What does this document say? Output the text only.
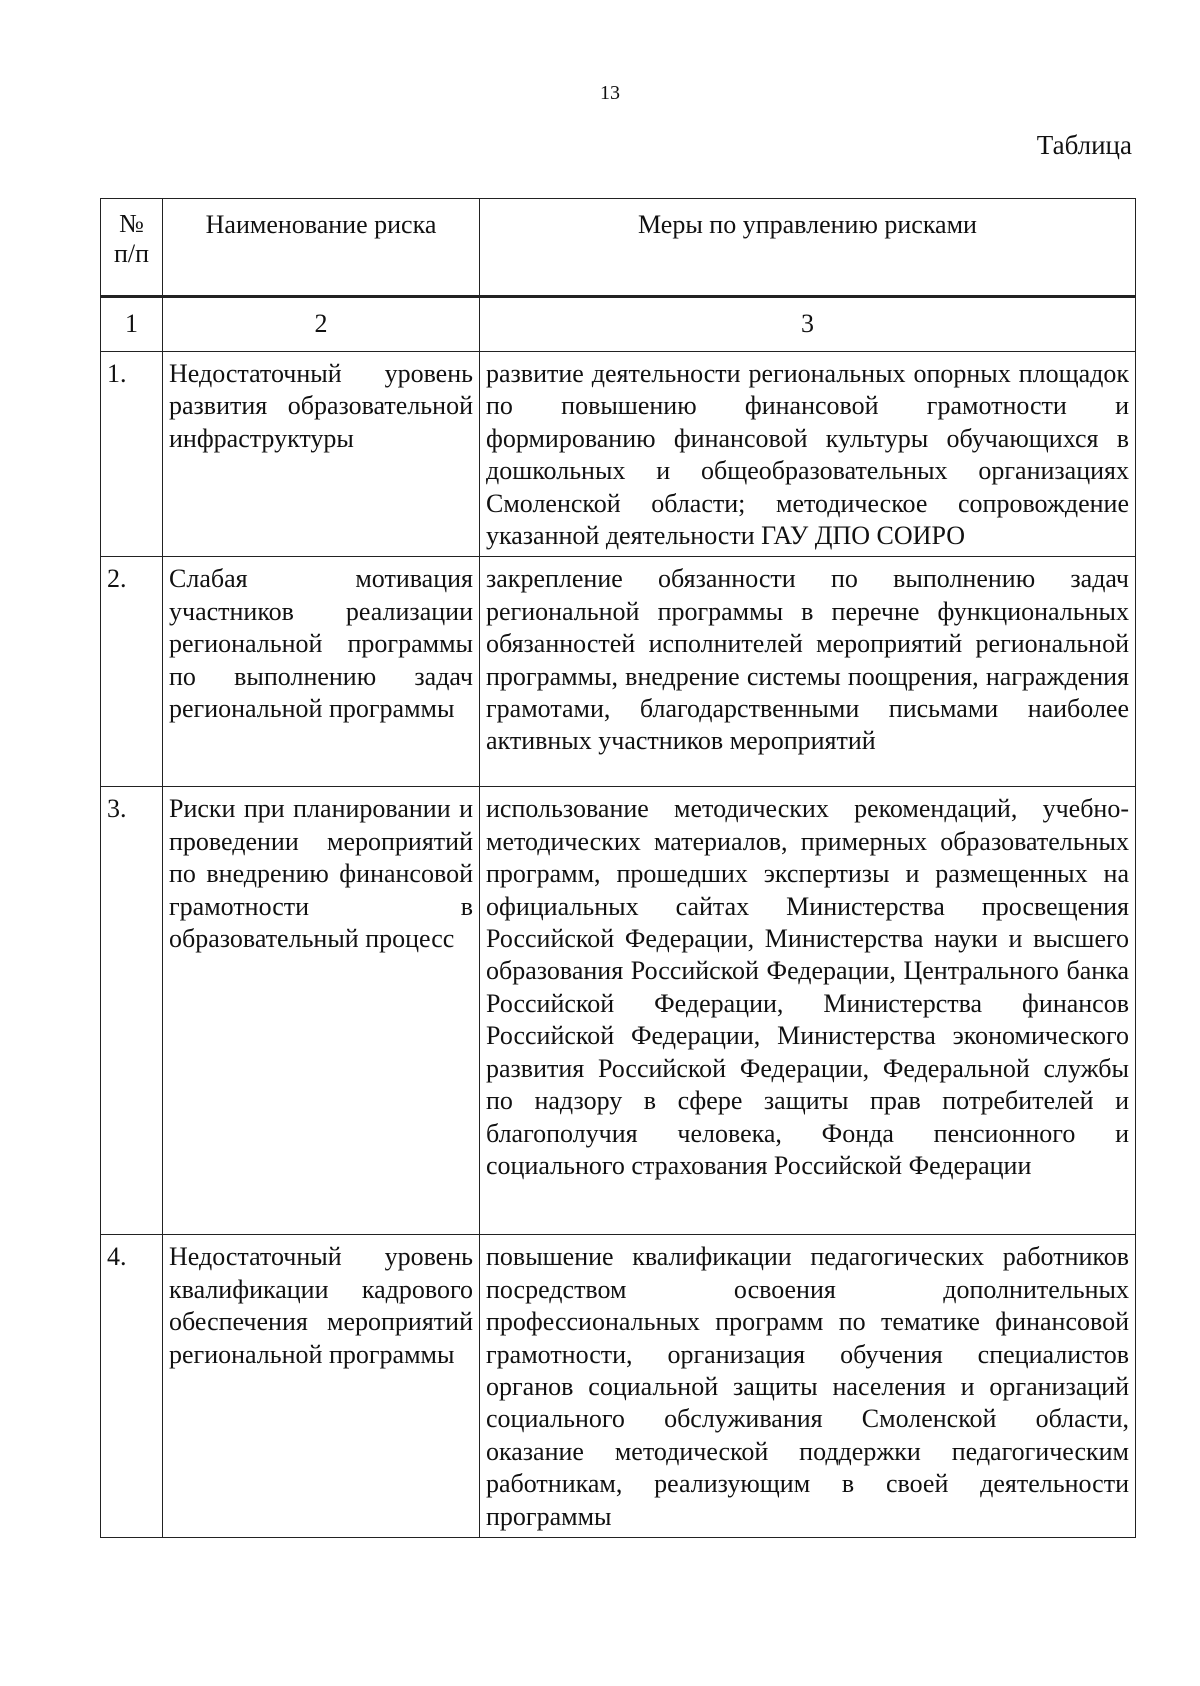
13
Таблица
№ п/п	Наименование риска	Меры по управлению рисками
1	2	3
1.	Недостаточный уровень развития образовательной инфраструктуры	развитие деятельности региональных опорных площадок по повышению финансовой грамотности и формированию финансовой культуры обучающихся в дошкольных и общеобразовательных организациях Смоленской области; методическое сопровождение указанной деятельности ГАУ ДПО СОИРО
2.	Слабая мотивация участников реализации региональной программы по выполнению задач региональной программы	закрепление обязанности по выполнению задач региональной программы в перечне функциональных обязанностей исполнителей мероприятий региональной программы, внедрение системы поощрения, награждения грамотами, благодарственными письмами наиболее активных участников мероприятий
3.	Риски при планировании и проведении мероприятий по внедрению финансовой грамотности в образовательный процесс	использование методических рекомендаций, учебно-методических материалов, примерных образовательных программ, прошедших экспертизы и размещенных на официальных сайтах Министерства просвещения Российской Федерации, Министерства науки и высшего образования Российской Федерации, Центрального банка Российской Федерации, Министерства финансов Российской Федерации, Министерства экономического развития Российской Федерации, Федеральной службы по надзору в сфере защиты прав потребителей и благополучия человека, Фонда пенсионного и социального страхования Российской Федерации
4.	Недостаточный уровень квалификации кадрового обеспечения мероприятий региональной программы	повышение квалификации педагогических работников посредством освоения дополнительных профессиональных программ по тематике финансовой грамотности, организация обучения специалистов органов социальной защиты населения и организаций социального обслуживания Смоленской области, оказание методической поддержки педагогическим работникам, реализующим в своей деятельности программы
